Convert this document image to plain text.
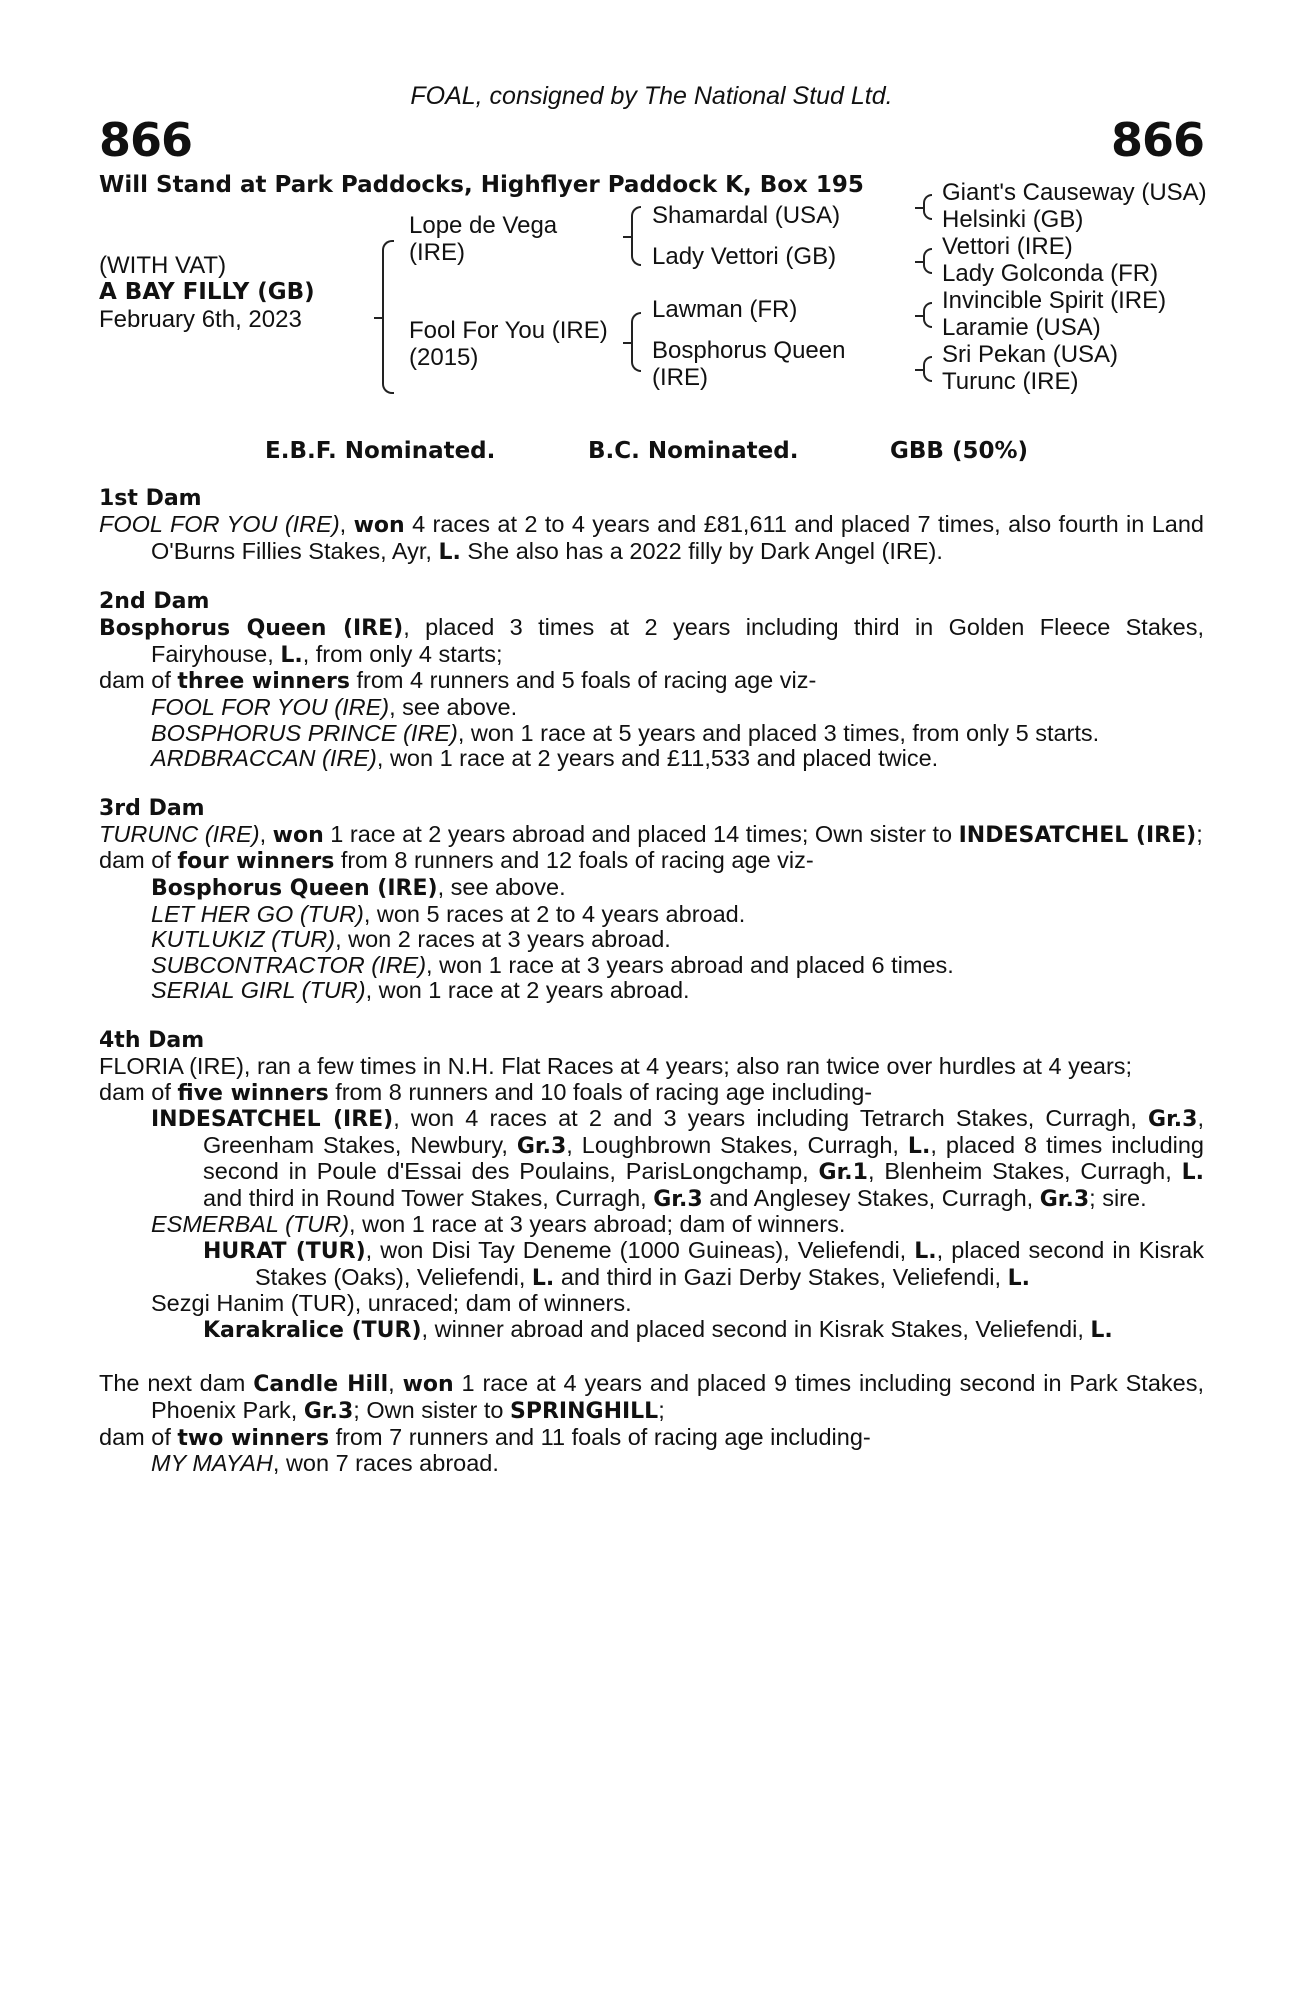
FOAL, consigned by The National Stud Ltd.
866	866
Will Stand at Park Paddocks, Highflyer Paddock K, Box 195
(WITH VAT)
A BAY FILLY (GB)
February 6th, 2023
Lope de Vega
(IRE)
Fool For You (IRE)
(2015)
Shamardal (USA)
Lady Vettori (GB)
Lawman (FR)
Bosphorus Queen
(IRE)
Giant's Causeway (USA)
Helsinki (GB)
Vettori (IRE)
Lady Golconda (FR)
Invincible Spirit (IRE)
Laramie (USA)
Sri Pekan (USA)
Turunc (IRE)
E.B.F. Nominated.	B.C. Nominated.	GBB (50%)
1st Dam
FOOL FOR YOU (IRE), won 4 races at 2 to 4 years and £81,611 and placed 7 times, also fourth in Land O'Burns Fillies Stakes, Ayr, L. She also has a 2022 filly by Dark Angel (IRE).
2nd Dam
Bosphorus Queen (IRE), placed 3 times at 2 years including third in Golden Fleece Stakes, Fairyhouse, L., from only 4 starts;
dam of three winners from 4 runners and 5 foals of racing age viz-
FOOL FOR YOU (IRE), see above.
BOSPHORUS PRINCE (IRE), won 1 race at 5 years and placed 3 times, from only 5 starts.
ARDBRACCAN (IRE), won 1 race at 2 years and £11,533 and placed twice.
3rd Dam
TURUNC (IRE), won 1 race at 2 years abroad and placed 14 times; Own sister to INDESATCHEL (IRE);
dam of four winners from 8 runners and 12 foals of racing age viz-
Bosphorus Queen (IRE), see above.
LET HER GO (TUR), won 5 races at 2 to 4 years abroad.
KUTLUKIZ (TUR), won 2 races at 3 years abroad.
SUBCONTRACTOR (IRE), won 1 race at 3 years abroad and placed 6 times.
SERIAL GIRL (TUR), won 1 race at 2 years abroad.
4th Dam
FLORIA (IRE), ran a few times in N.H. Flat Races at 4 years; also ran twice over hurdles at 4 years;
dam of five winners from 8 runners and 10 foals of racing age including-
INDESATCHEL (IRE), won 4 races at 2 and 3 years including Tetrarch Stakes, Curragh, Gr.3, Greenham Stakes, Newbury, Gr.3, Loughbrown Stakes, Curragh, L., placed 8 times including second in Poule d'Essai des Poulains, ParisLongchamp, Gr.1, Blenheim Stakes, Curragh, L. and third in Round Tower Stakes, Curragh, Gr.3 and Anglesey Stakes, Curragh, Gr.3; sire.
ESMERBAL (TUR), won 1 race at 3 years abroad; dam of winners.
HURAT (TUR), won Disi Tay Deneme (1000 Guineas), Veliefendi, L., placed second in Kisrak Stakes (Oaks), Veliefendi, L. and third in Gazi Derby Stakes, Veliefendi, L.
Sezgi Hanim (TUR), unraced; dam of winners.
Karakralice (TUR), winner abroad and placed second in Kisrak Stakes, Veliefendi, L.
The next dam Candle Hill, won 1 race at 4 years and placed 9 times including second in Park Stakes, Phoenix Park, Gr.3; Own sister to SPRINGHILL;
dam of two winners from 7 runners and 11 foals of racing age including-
MY MAYAH, won 7 races abroad.
